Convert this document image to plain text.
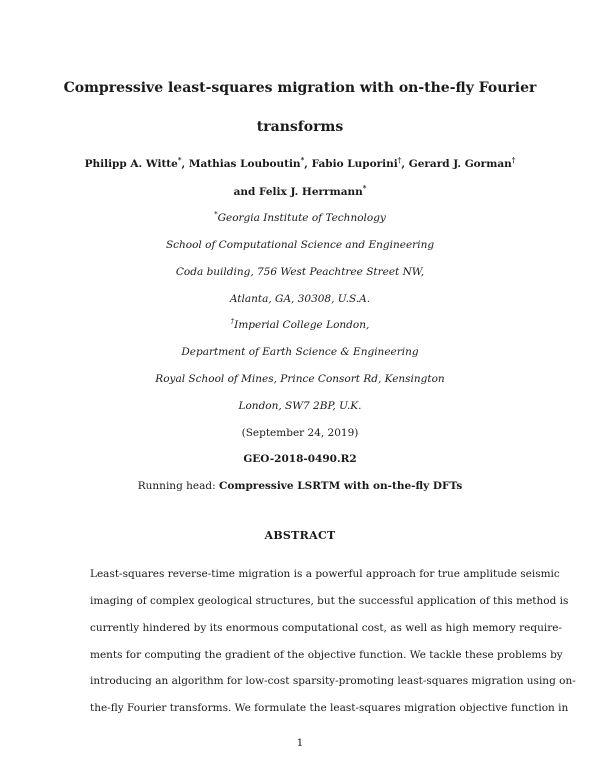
Compressive least-squares migration with on-the-fly Fourier
transforms
Philipp A. Witte*, Mathias Louboutin*, Fabio Luporini†, Gerard J. Gorman†
and Felix J. Herrmann*
*Georgia Institute of Technology
School of Computational Science and Engineering
Coda building, 756 West Peachtree Street NW,
Atlanta, GA, 30308, U.S.A.
†Imperial College London,
Department of Earth Science & Engineering
Royal School of Mines, Prince Consort Rd, Kensington
London, SW7 2BP, U.K.
(September 24, 2019)
GEO-2018-0490.R2
Running head: Compressive LSRTM with on-the-fly DFTs
ABSTRACT
Least-squares reverse-time migration is a powerful approach for true amplitude seismic
imaging of complex geological structures, but the successful application of this method is
currently hindered by its enormous computational cost, as well as high memory require-
ments for computing the gradient of the objective function. We tackle these problems by
introducing an algorithm for low-cost sparsity-promoting least-squares migration using on-
the-fly Fourier transforms. We formulate the least-squares migration objective function in
1
